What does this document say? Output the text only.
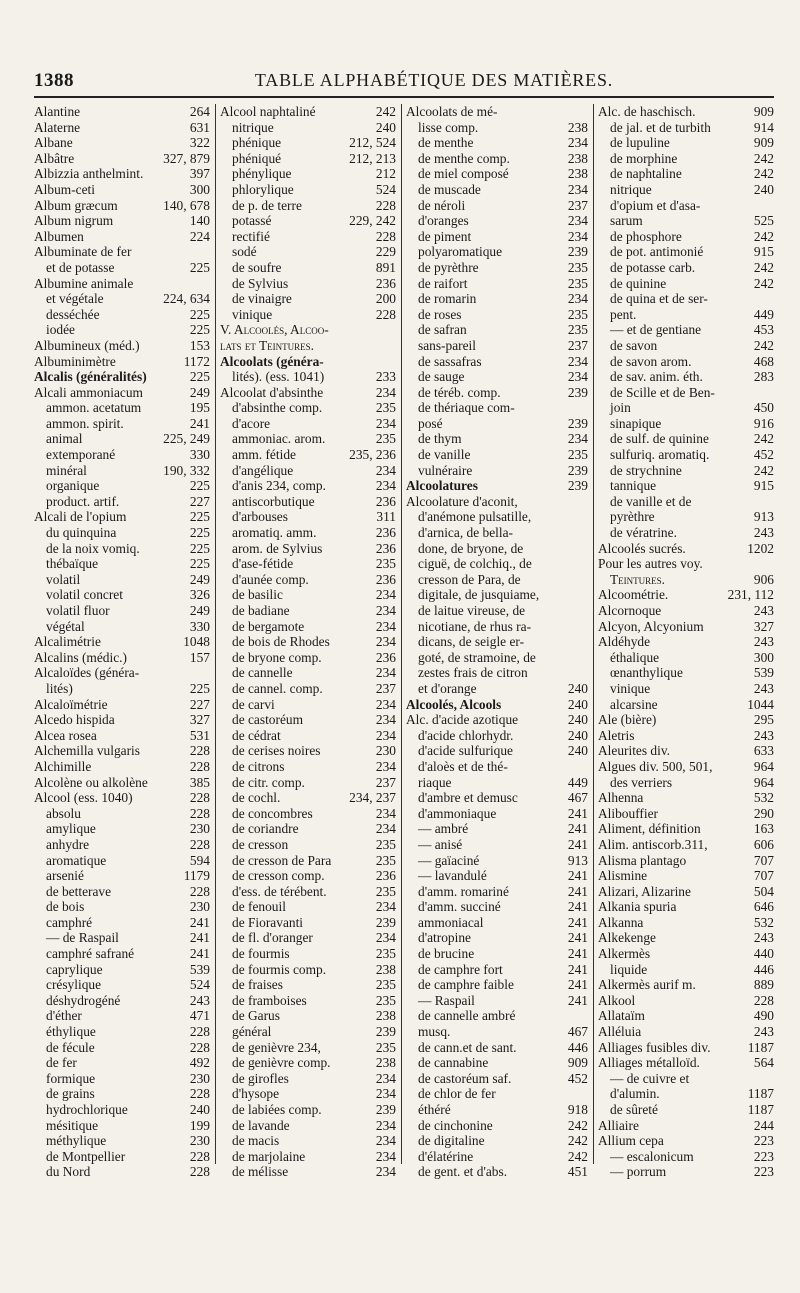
1388	TABLE ALPHABÉTIQUE DES MATIÈRES.
Alantine	264
Alaterne	631
Albane	322
Albâtre	327, 879
Albizzia anthelmint.	397
Album-ceti	300
Album græcum	140, 678
Album nigrum	140
Albumen	224
Albuminate de fer
et de potasse	225
Albumine animale
et végétale	224, 634
desséchée	225
iodée	225
Albumineux (méd.)	153
Albuminimètre	1172
Alcalis (généralités)	225
Alcali ammoniacum	249
ammon. acetatum	195
ammon. spirit.	241
animal	225, 249
extemporané	330
minéral	190, 332
organique	225
product. artif.	227
Alcali de l'opium	225
du quinquina	225
de la noix vomiq.	225
thébaïque	225
volatil	249
volatil concret	326
volatil fluor	249
végétal	330
Alcalimétrie	1048
Alcalins (médic.)	157
Alcaloïdes (généra-
lités)	225
Alcaloïmétrie	227
Alcedo hispida	327
Alcea rosea	531
Alchemilla vulgaris	228
Alchimille	228
Alcolène ou alkolène	385
Alcool (ess. 1040)	228
absolu	228
amylique	230
anhydre	228
aromatique	594
arsenié	1179
de betterave	228
de bois	230
camphré	241
— de Raspail	241
camphré safrané	241
caprylique	539
crésylique	524
déshydrogéné	243
d'éther	471
éthylique	228
de fécule	228
de fer	492
formique	230
de grains	228
hydrochlorique	240
mésitique	199
méthylique	230
de Montpellier	228
du Nord	228
Alcool naphtaliné	242
nitrique	240
phénique	212, 524
phéniqué	212, 213
phénylique	212
phlorylique	524
de p. de terre	228
potassé	229, 242
rectifié	228
sodé	229
de soufre	891
de Sylvius	236
de vinaigre	200
vinique	228
V. Alcoolés, Alcoo-
lats et Teintures.
Alcoolats (généra-
lités). (ess. 1041)	233
Alcoolat d'absinthe	234
d'absinthe comp.	235
d'acore	234
ammoniac. arom.	235
amm. fétide	235, 236
d'angélique	234
d'anis 234, comp.	234
antiscorbutique	236
d'arbouses	311
aromatiq. amm.	236
arom. de Sylvius	236
d'ase-fétide	235
d'aunée comp.	236
de basilic	234
de badiane	234
de bergamote	234
de bois de Rhodes	234
de bryone comp.	236
de cannelle	234
de cannel. comp.	237
de carvi	234
de castoréum	234
de cédrat	234
de cerises noires	230
de citrons	234
de citr. comp.	237
de cochl.	234, 237
de concombres	234
de coriandre	234
de cresson	235
de cresson de Para	235
de cresson comp.	236
d'ess. de térébent.	235
de fenouil	234
de Fioravanti	239
de fl. d'oranger	234
de fourmis	235
de fourmis comp.	238
de fraises	235
de framboises	235
de Garus	238
général	239
de genièvre 234,	235
de genièvre comp.	238
de girofles	234
d'hysope	234
de labiées comp.	239
de lavande	234
de macis	234
de marjolaine	234
de mélisse	234
Alcoolats de mé-
lisse comp.	238
de menthe	234
de menthe comp.	238
de miel composé	238
de muscade	234
de néroli	237
d'oranges	234
de piment	234
polyaromatique	239
de pyrèthre	235
de raifort	235
de romarin	234
de roses	235
de safran	235
sans-pareil	237
de sassafras	234
de sauge	234
de téréb. comp.	239
de thériaque com-
posé	239
de thym	234
de vanille	235
vulnéraire	239
Alcoolatures	239
Alcoolature d'aconit,
d'anémone pulsatille,
d'arnica, de bella-
done, de bryone, de
ciguë, de colchiq., de
cresson de Para, de
digitale, de jusquiame,
de laitue vireuse, de
nicotiane, de rhus ra-
dicans, de seigle er-
goté, de stramoine, de
zestes frais de citron
et d'orange	240
Alcoolés, Alcools	240
Alc. d'acide azotique	240
d'acide chlorhydr.	240
d'acide sulfurique	240
d'aloès et de thé-
riaque	449
d'ambre et demusc	467
d'ammoniaque	241
— ambré	241
— anisé	241
— gaïaciné	913
— lavandulé	241
d'amm. romariné	241
d'amm. succiné	241
ammoniacal	241
d'atropine	241
de brucine	241
de camphre fort	241
de camphre faible	241
— Raspail	241
de cannelle ambré
musq.	467
de cann.et de sant.	446
de cannabine	909
de castoréum saf.	452
de chlor de fer
éthéré	918
de cinchonine	242
de digitaline	242
d'élatérine	242
de gent. et d'abs.	451
Alc. de haschisch.	909
de jal. et de turbith	914
de lupuline	909
de morphine	242
de naphtaline	242
nitrique	240
d'opium et d'asa-
sarum	525
de phosphore	242
de pot. antimonié	915
de potasse carb.	242
de quinine	242
de quina et de ser-
pent.	449
— et de gentiane	453
de savon	242
de savon arom.	468
de sav. anim. éth.	283
de Scille et de Ben-
join	450
sinapique	916
de sulf. de quinine	242
sulfuriq. aromatiq.	452
de strychnine	242
tannique	915
de vanille et de
pyrèthre	913
de vératrine.	243
Alcoolés sucrés.	1202
Pour les autres voy.
Teintures.	906
Alcoométrie.	231, 112
Alcornoque	243
Alcyon, Alcyonium	327
Aldéhyde	243
éthalique	300
œnanthylique	539
vinique	243
alcarsine	1044
Ale (bière)	295
Aletris	243
Aleurites div.	633
Algues div. 500, 501,	964
des verriers	964
Alhenna	532
Alibouffier	290
Aliment, définition	163
Alim. antiscorb.311,	606
Alisma plantago	707
Alismine	707
Alizari, Alizarine	504
Alkania spuria	646
Alkanna	532
Alkekenge	243
Alkermès	440
liquide	446
Alkermès aurif m.	889
Alkool	228
Allataïm	490
Alléluia	243
Alliages fusibles div.	1187
Alliages métalloïd.	564
— de cuivre et
d'alumin.	1187
de sûreté	1187
Alliaire	244
Allium cepa	223
— escalonicum	223
— porrum	223
